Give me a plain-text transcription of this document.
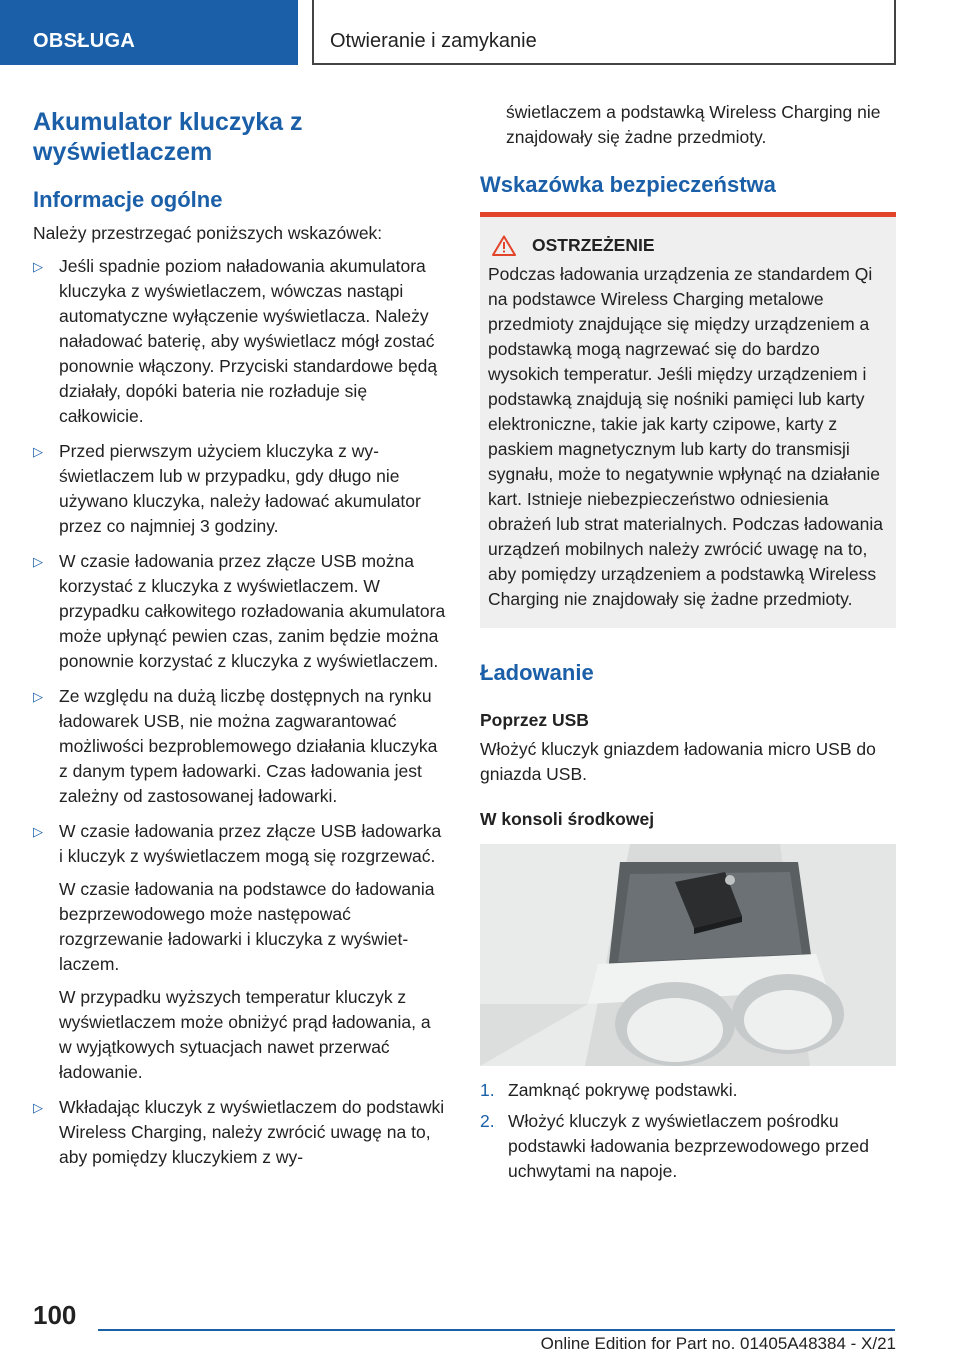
OBSŁUGA	Otwieranie i zamykanie
Akumulator kluczyka z wyświetlaczem
Informacje ogólne

Należy przestrzegać poniższych wskazówek:

▷ Jeśli spadnie poziom naładowania akumulatora kluczyka z wyświetlaczem, wówczas nastąpi automatyczne wyłączenie wyświetlacza. Należy naładować baterię, aby wyświetlacz mógł zostać ponownie włączony. Przyciski standardowe będą działały, dopóki bateria nie rozładuje się całkowicie.

▷ Przed pierwszym użyciem kluczyka z wyświetlaczem lub w przypadku, gdy długo nie używano kluczyka, należy ładować akumulator przez co najmniej 3 godziny.

▷ W czasie ładowania przez złącze USB można korzystać z kluczyka z wyświetlaczem. W przypadku całkowitego rozładowania akumulatora może upłynąć pewien czas, zanim będzie można ponownie korzystać z kluczyka z wyświetlaczem.

▷ Ze względu na dużą liczbę dostępnych na rynku ładowarek USB, nie można zagwarantować możliwości bezproblemowego działania kluczyka z danym typem ładowarki. Czas ładowania jest zależny od zastosowanej ładowarki.

▷ W czasie ładowania przez złącze USB ładowarka i kluczyk z wyświetlaczem mogą się rozgrzewać.

W czasie ładowania na podstawce do ładowania bezprzewodowego może następować rozgrzewanie ładowarki i kluczyka z wyświetlaczem.

W przypadku wyższych temperatur kluczyk z wyświetlaczem może obniżyć prąd ładowania, a w wyjątkowych sytuacjach nawet przerwać ładowanie.

▷ Wkładając kluczyk z wyświetlaczem do podstawki Wireless Charging, należy zwrócić uwagę na to, aby pomiędzy kluczykiem z wy-

świetlaczem a podstawką Wireless Charging nie znajdowały się żadne przedmioty.

Wskazówka bezpieczeństwa
OSTRZEŻENIE

Podczas ładowania urządzenia ze standardem Qi na podstawce Wireless Charging metalowe przedmioty znajdujące się między urządzeniem a podstawką mogą nagrzewać się do bardzo wysokich temperatur. Jeśli między urządzeniem i podstawką znajdują się nośniki pamięci lub karty elektroniczne, takie jak karty czipowe, karty z paskiem magnetycznym lub karty do transmisji sygnału, może to negatywnie wpłynąć na działanie kart. Istnieje niebezpieczeństwo odniesienia obrażeń lub strat materialnych. Podczas ładowania urządzeń mobilnych należy zwrócić uwagę na to, aby pomiędzy urządzeniem a podstawką Wireless Charging nie znajdowały się żadne przedmioty.

Ładowanie
Poprzez USB

Włożyć kluczyk gniazdem ładowania micro USB do gniazda USB.

W konsoli środkowej
1. Zamknąć pokrywę podstawki.
2. Włożyć kluczyk z wyświetlaczem pośrodku podstawki ładowania bezprzewodowego przed uchwytami na napoje.
100
Online Edition for Part no. 01405A48384 - X/21
